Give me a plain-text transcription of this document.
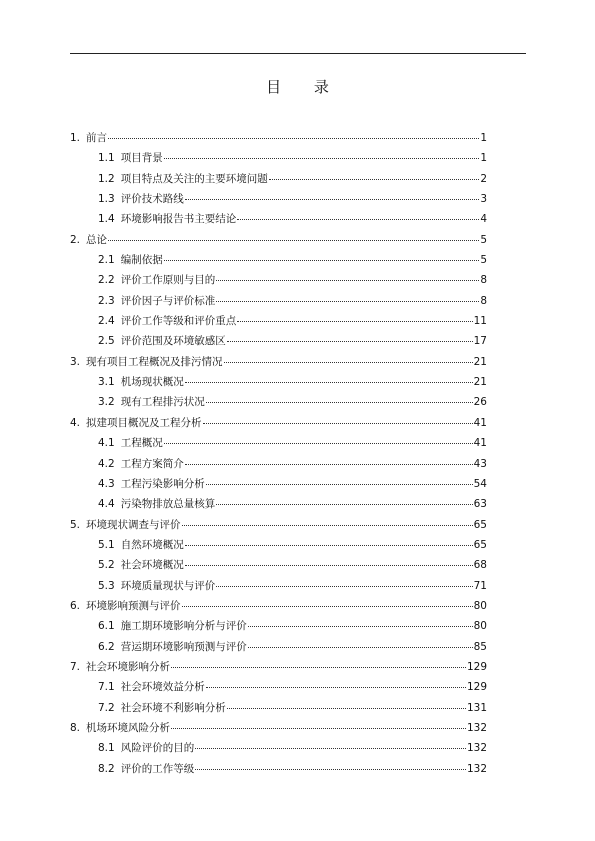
目 录
1. 前言	1
1.1 项目背景	1
1.2 项目特点及关注的主要环境问题	2
1.3 评价技术路线	3
1.4 环境影响报告书主要结论	4
2. 总论	5
2.1 编制依据	5
2.2 评价工作原则与目的	8
2.3 评价因子与评价标准	8
2.4 评价工作等级和评价重点	11
2.5 评价范围及环境敏感区	17
3. 现有项目工程概况及排污情况	21
3.1 机场现状概况	21
3.2 现有工程排污状况	26
4. 拟建项目概况及工程分析	41
4.1 工程概况	41
4.2 工程方案简介	43
4.3 工程污染影响分析	54
4.4 污染物排放总量核算	63
5. 环境现状调查与评价	65
5.1 自然环境概况	65
5.2 社会环境概况	68
5.3 环境质量现状与评价	71
6. 环境影响预测与评价	80
6.1 施工期环境影响分析与评价	80
6.2 营运期环境影响预测与评价	85
7. 社会环境影响分析	129
7.1 社会环境效益分析	129
7.2 社会环境不利影响分析	131
8. 机场环境风险分析	132
8.1 风险评价的目的	132
8.2 评价的工作等级	132
